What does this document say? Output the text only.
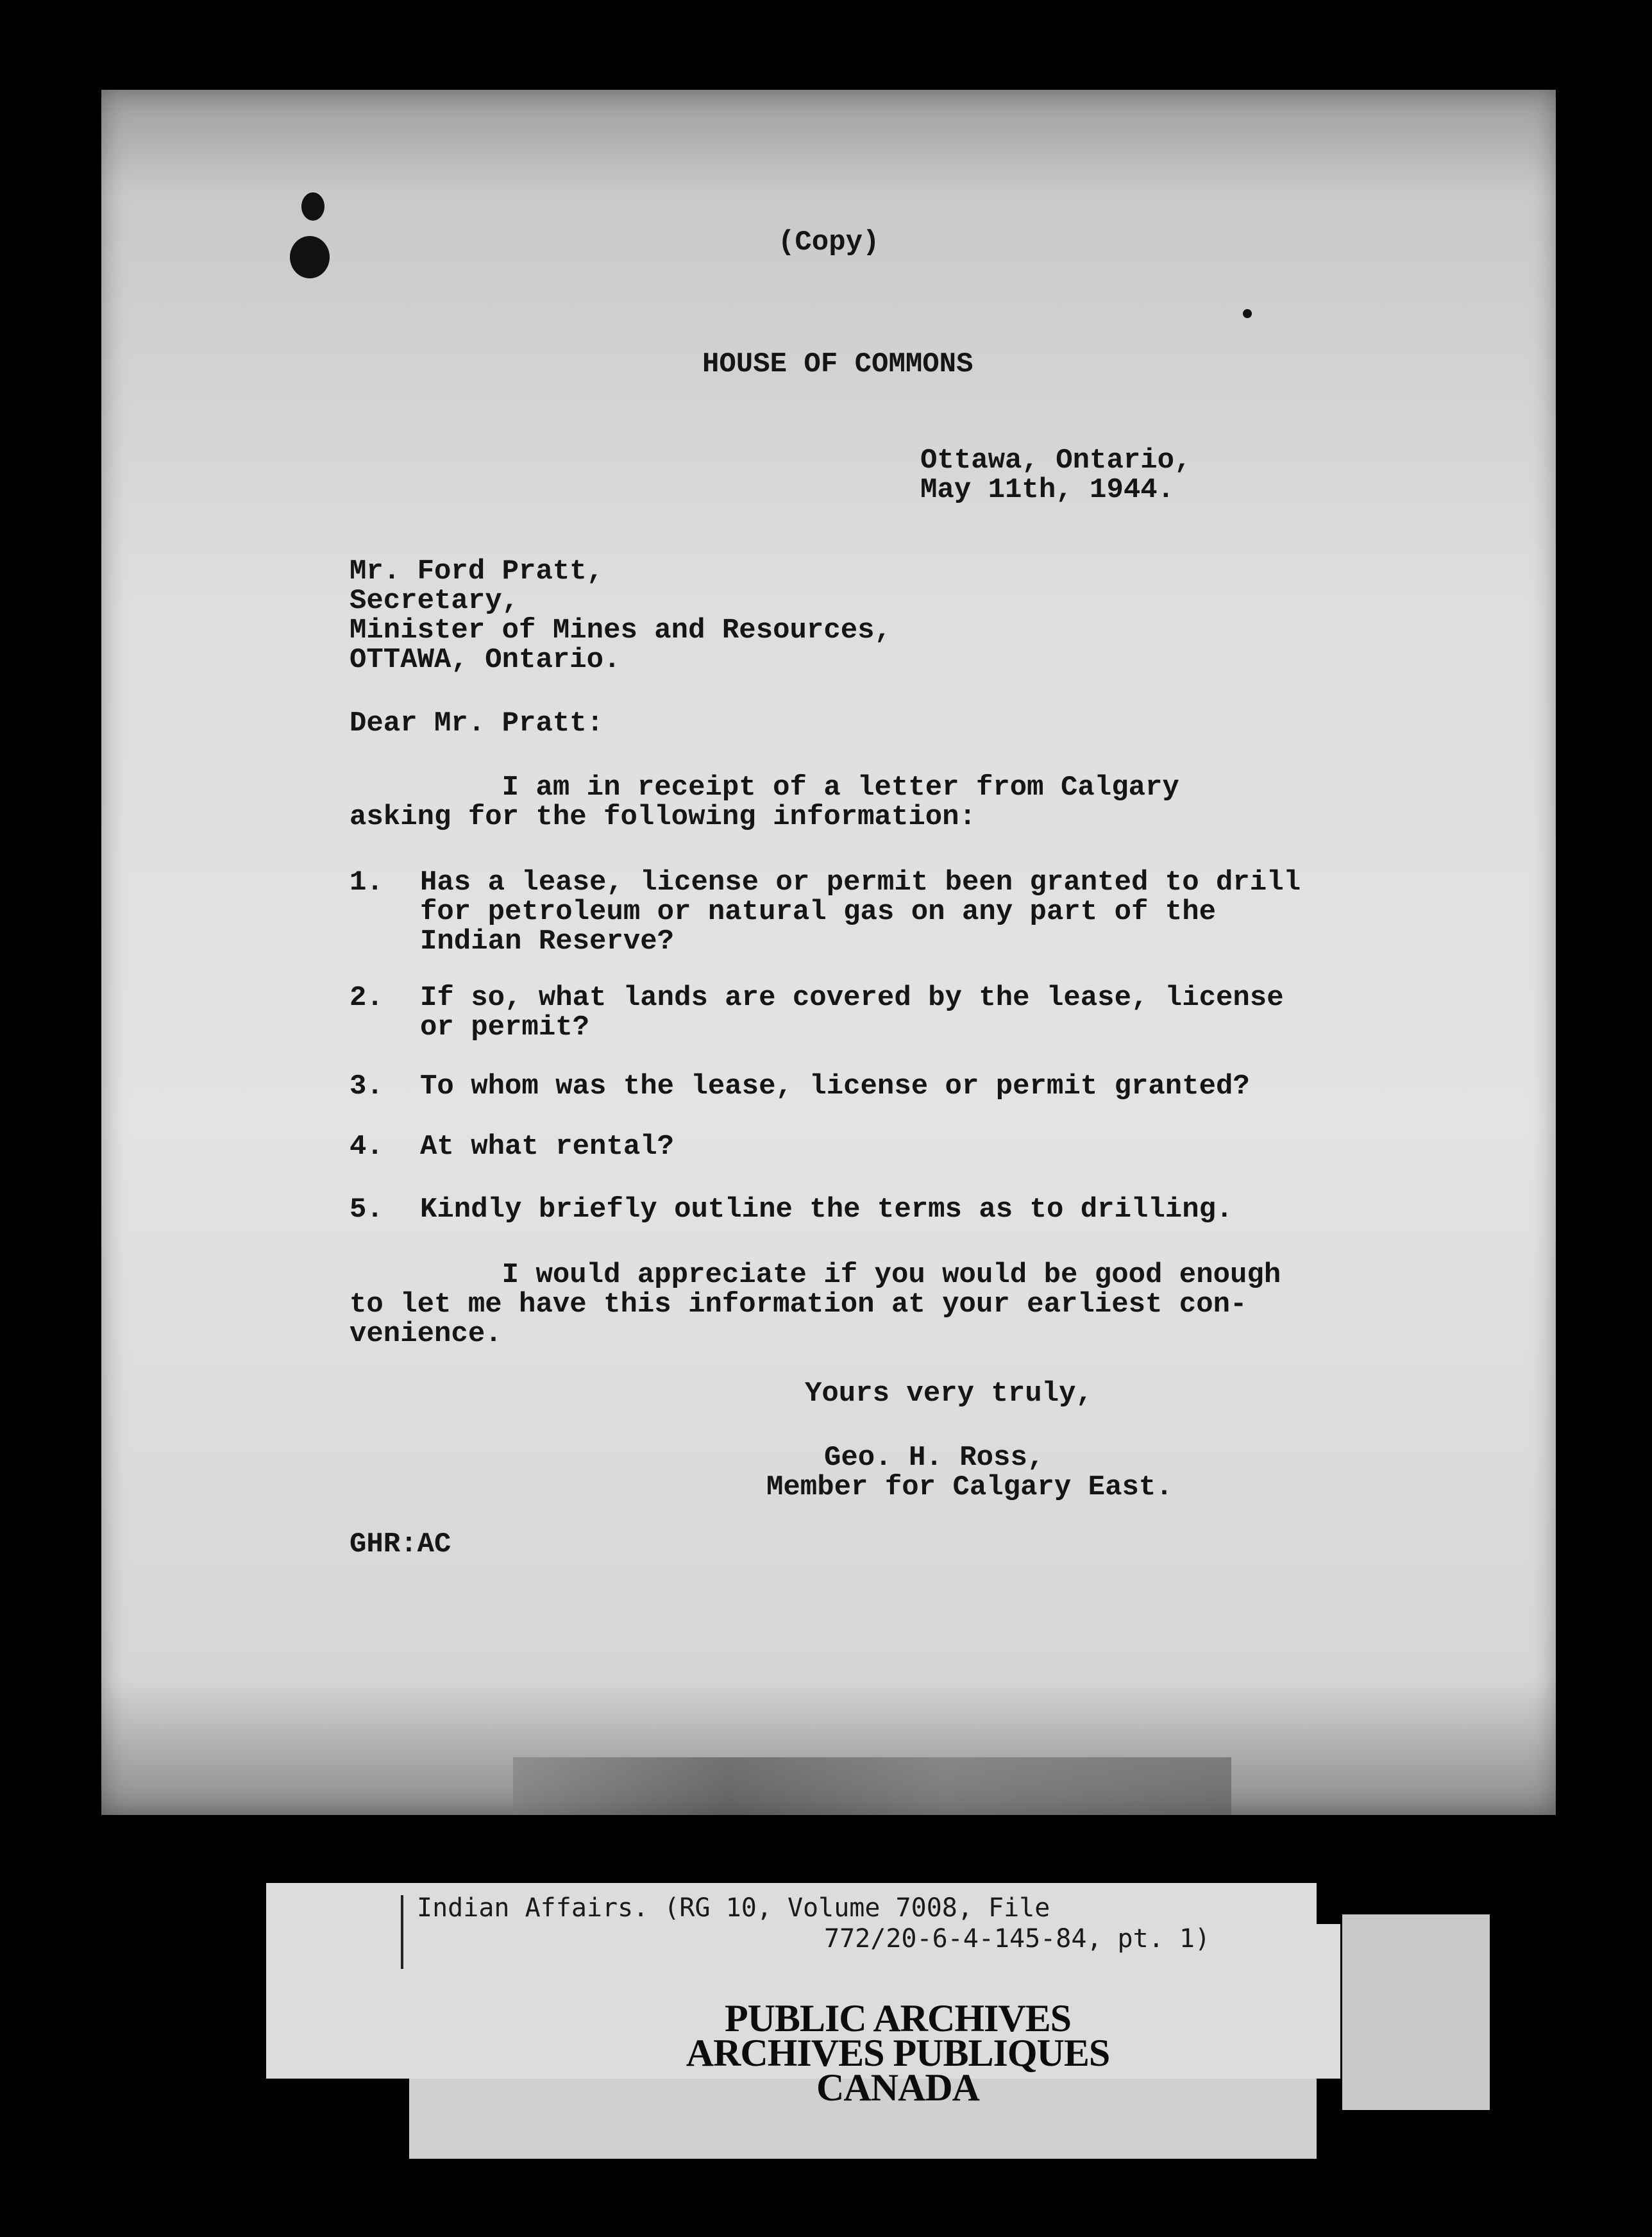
(Copy)
HOUSE OF COMMONS
Ottawa, Ontario,
May 11th, 1944.
Mr. Ford Pratt,
Secretary,
Minister of Mines and Resources,
OTTAWA, Ontario.
Dear Mr. Pratt:
I am in receipt of a letter from Calgary
asking for the following information:
1. Has a lease, license or permit been granted to drill
for petroleum or natural gas on any part of the
Indian Reserve?
2. If so, what lands are covered by the lease, license
or permit?
3. To whom was the lease, license or permit granted?
4. At what rental?
5. Kindly briefly outline the terms as to drilling.
I would appreciate if you would be good enough
to let me have this information at your earliest con-
venience.
Yours very truly,
Geo. H. Ross,
Member for Calgary East.
GHR:AC
Indian Affairs. (RG 10, Volume 7008, File
772/20-6-4-145-84, pt. 1)
PUBLIC ARCHIVES
ARCHIVES PUBLIQUES
CANADA
